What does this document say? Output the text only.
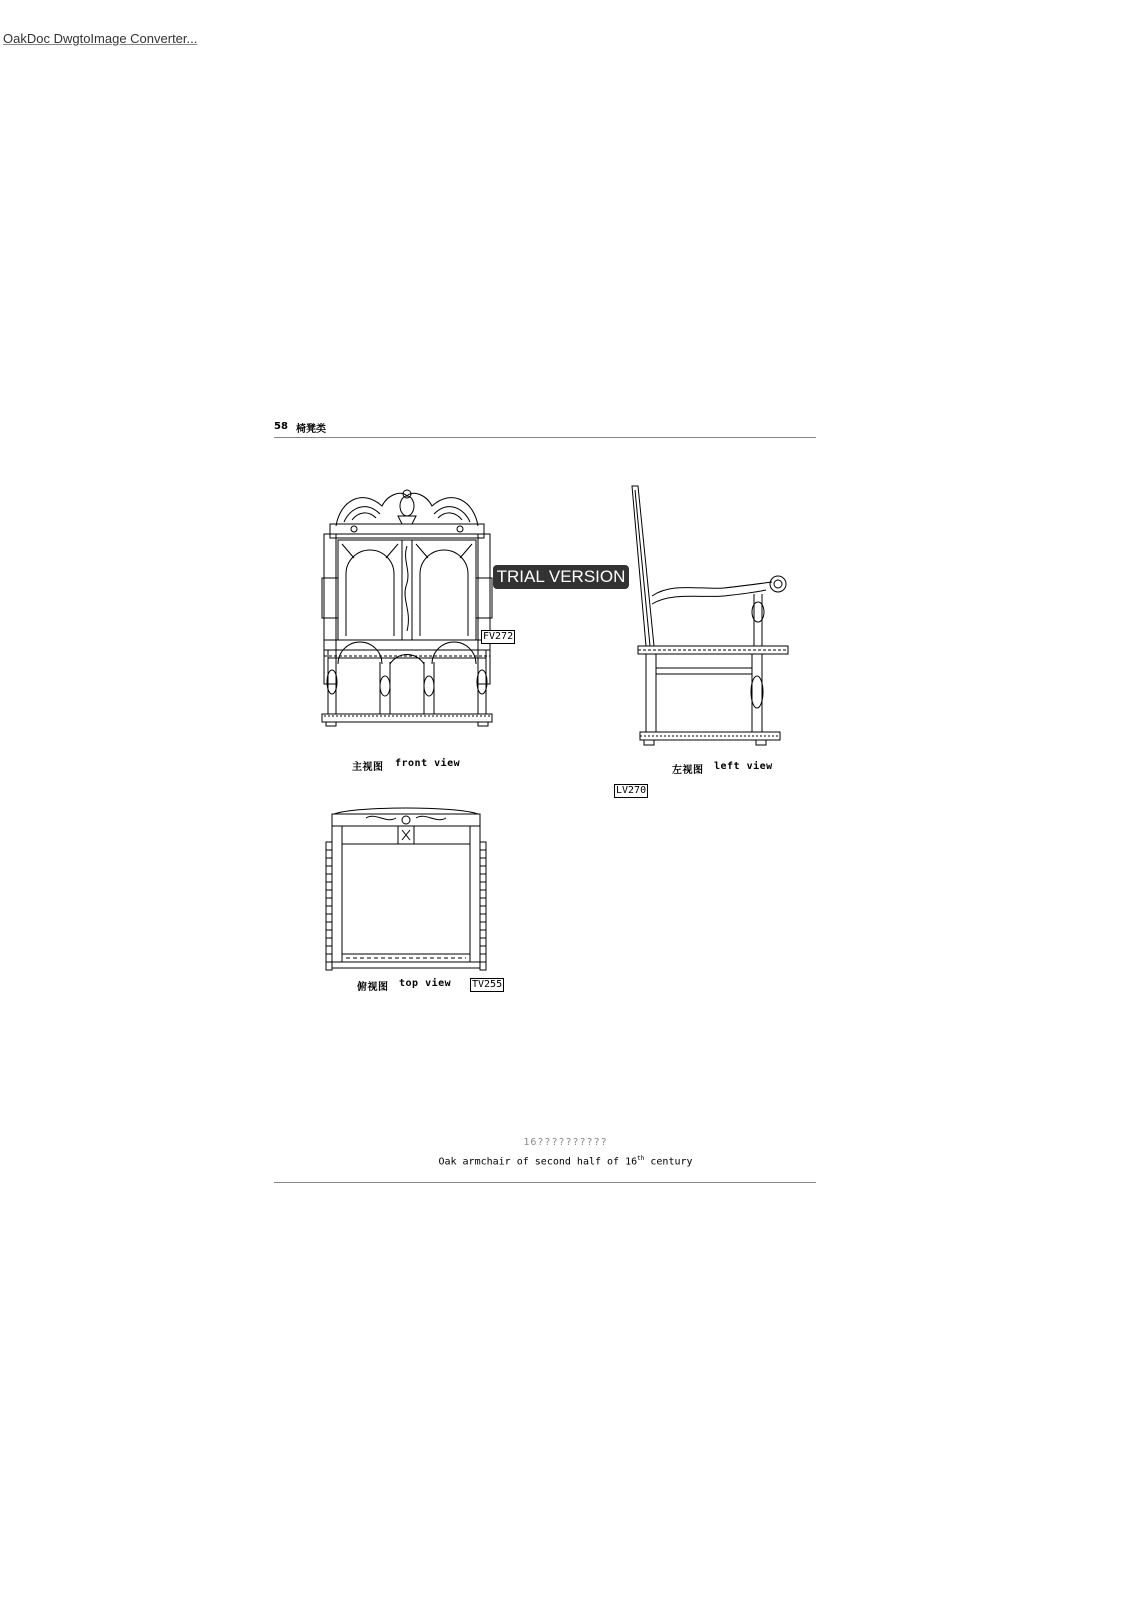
OakDoc DwgtoImage Converter...
58 椅凳类
FV272
主视图 front view
TRIAL VERSION
左视图 left view
LV270
俯视图 top view TV255
16??????????
Oak armchair of second half of 16th century
